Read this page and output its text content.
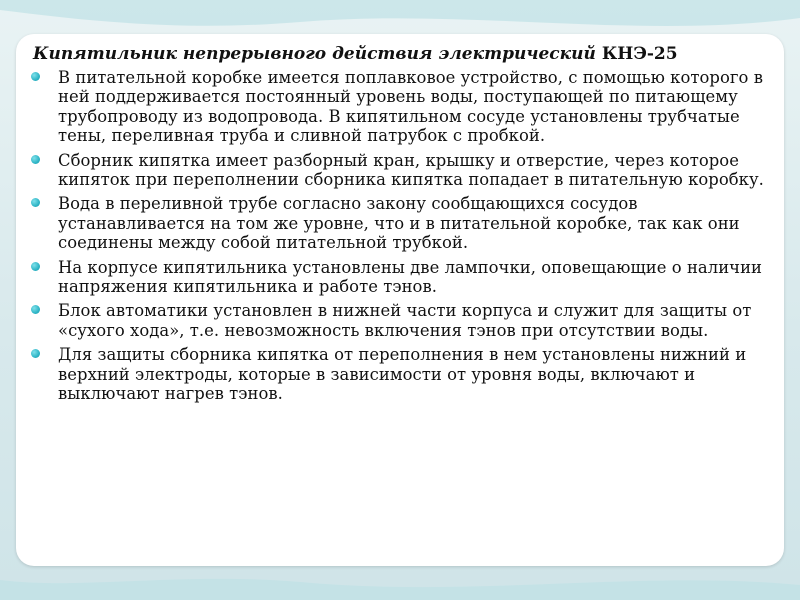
Кипятильник непрерывного действия электрический КНЭ-25
В питательной коробке имеется поплавковое устройство, с помощью которого в ней поддерживается постоянный уровень воды, поступающей по питающему трубопроводу из водопровода. В кипятильном сосуде установлены трубчатые тены, переливная труба и сливной патрубок с пробкой.
Сборник кипятка имеет разборный кран, крышку и отверстие, через которое кипяток при переполнении сборника кипятка попадает в питательную коробку.
Вода в переливной трубе согласно закону сообщающихся сосудов устанавливается на том же уровне, что и в питательной коробке, так как они соединены между собой питательной трубкой.
На корпусе кипятильника установлены две лампочки, оповещающие о наличии напряжения кипятильника и работе тэнов.
Блок автоматики установлен в нижней части корпуса и служит для защиты от «сухого хода», т.е. невозможность включения тэнов при отсутствии воды.
Для защиты сборника кипятка от переполнения в нем установлены нижний и верхний электроды, которые в зависимости от уровня воды, включают и выключают нагрев тэнов.
